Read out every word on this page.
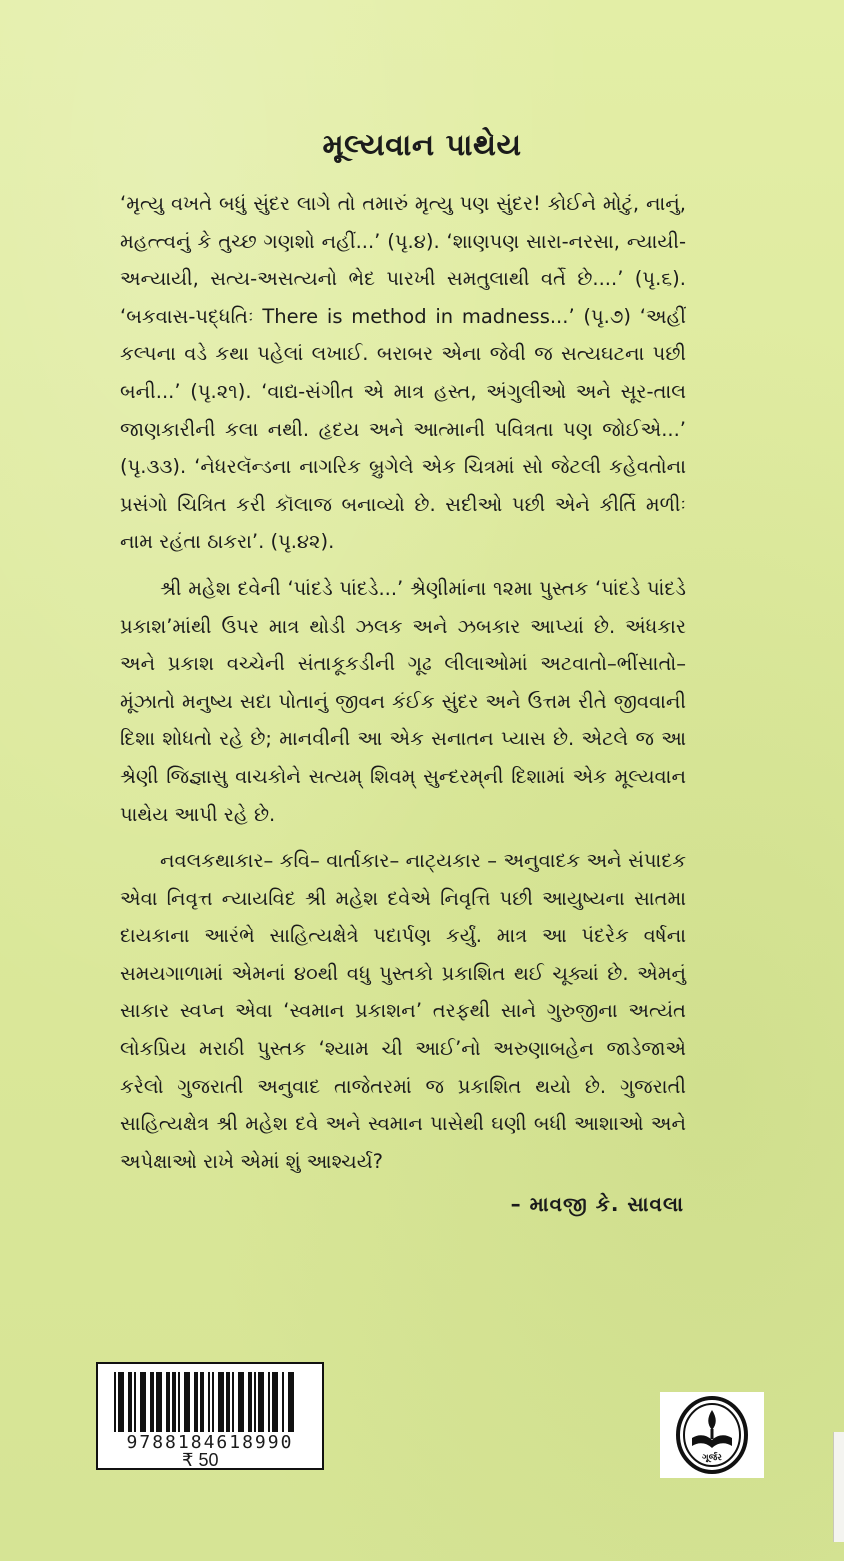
મૂલ્યવાન પાથેય

‘મૃત્યુ વખતે બધું સુંદર લાગે તો તમારું મૃત્યુ પણ સુંદર! કોઈને મોટું, નાનું, મહત્ત્વનું કે તુચ્છ ગણશો નહીં...’ (પૃ.૪). ‘શાણપણ સારા-નરસા, ન્યાયી-અન્યાયી, સત્ય-અસત્યનો ભેદ પારખી સમતુલાથી વર્તે છે....’ (પૃ.૬). ‘બકવાસ-પદ્ધતિઃ There is method in madness...’ (પૃ.૭) ‘અહીં કલ્પના વડે કથા પહેલાં લખાઈ. બરાબર એના જેવી જ સત્યઘટના પછી બની...’ (પૃ.૨૧). ‘વાદ્ય-સંગીત એ માત્ર હસ્ત, અંગુલીઓ અને સૂર-તાલ જાણકારીની કલા નથી. હૃદય અને આત્માની પવિત્રતા પણ જોઈએ...’ (પૃ.૩૩). ‘નેધરલૅન્ડના નાગરિક બ્રુગેલે એક ચિત્રમાં સો જેટલી કહેવતોના પ્રસંગો ચિત્રિત કરી કૉલાજ બનાવ્યો છે. સદીઓ પછી એને કીર્તિ મળીઃ નામ રહંતા ઠાકરા’. (પૃ.૪૨).

શ્રી મહેશ દવેની ‘પાંદડે પાંદડે...’ શ્રેણીમાંના ૧૨મા પુસ્તક ‘પાંદડે પાંદડે પ્રકાશ’માંથી ઉપર માત્ર થોડી ઝલક અને ઝબકાર આપ્યાં છે. અંધકાર અને પ્રકાશ વચ્ચેની સંતાકૂકડીની ગૂઢ લીલાઓમાં અટવાતો–ભીંસાતો–મૂંઝાતો મનુષ્ય સદા પોતાનું જીવન કંઈક સુંદર અને ઉત્તમ રીતે જીવવાની દિશા શોધતો રહે છે; માનવીની આ એક સનાતન પ્યાસ છે. એટલે જ આ શ્રેણી જિજ્ઞાસુ વાચકોને સત્યમ્ શિવમ્ સુન્દરમ્‌ની દિશામાં એક મૂલ્યવાન પાથેય આપી રહે છે.

નવલકથાકાર– કવિ– વાર્તાકાર– નાટ્યકાર – અનુવાદક અને સંપાદક એવા નિવૃત્ત ન્યાયવિદ શ્રી મહેશ દવેએ નિવૃત્તિ પછી આયુષ્યના સાતમા દાયકાના આરંભે સાહિત્યક્ષેત્રે પદાર્પણ કર્યું. માત્ર આ પંદરેક વર્ષના સમયગાળામાં એમનાં ૪૦થી વધુ પુસ્તકો પ્રકાશિત થઈ ચૂક્યાં છે. એમનું સાકાર સ્વપ્ન એવા ‘સ્વમાન પ્રકાશન’ તરફથી સાને ગુરુજીના અત્યંત લોકપ્રિય મરાઠી પુસ્તક ‘શ્યામ ચી આઈ’નો અરુણાબહેન જાડેજાએ કરેલો ગુજરાતી અનુવાદ તાજેતરમાં જ પ્રકાશિત થયો છે. ગુજરાતી સાહિત્યક્ષેત્ર શ્રી મહેશ દવે અને સ્વમાન પાસેથી ઘણી બધી આશાઓ અને અપેક્ષાઓ રાખે એમાં શું આશ્ચર્ય?

– માવજી કે. સાવલા
9788184618990
₹ 50	ગૂર્જર
